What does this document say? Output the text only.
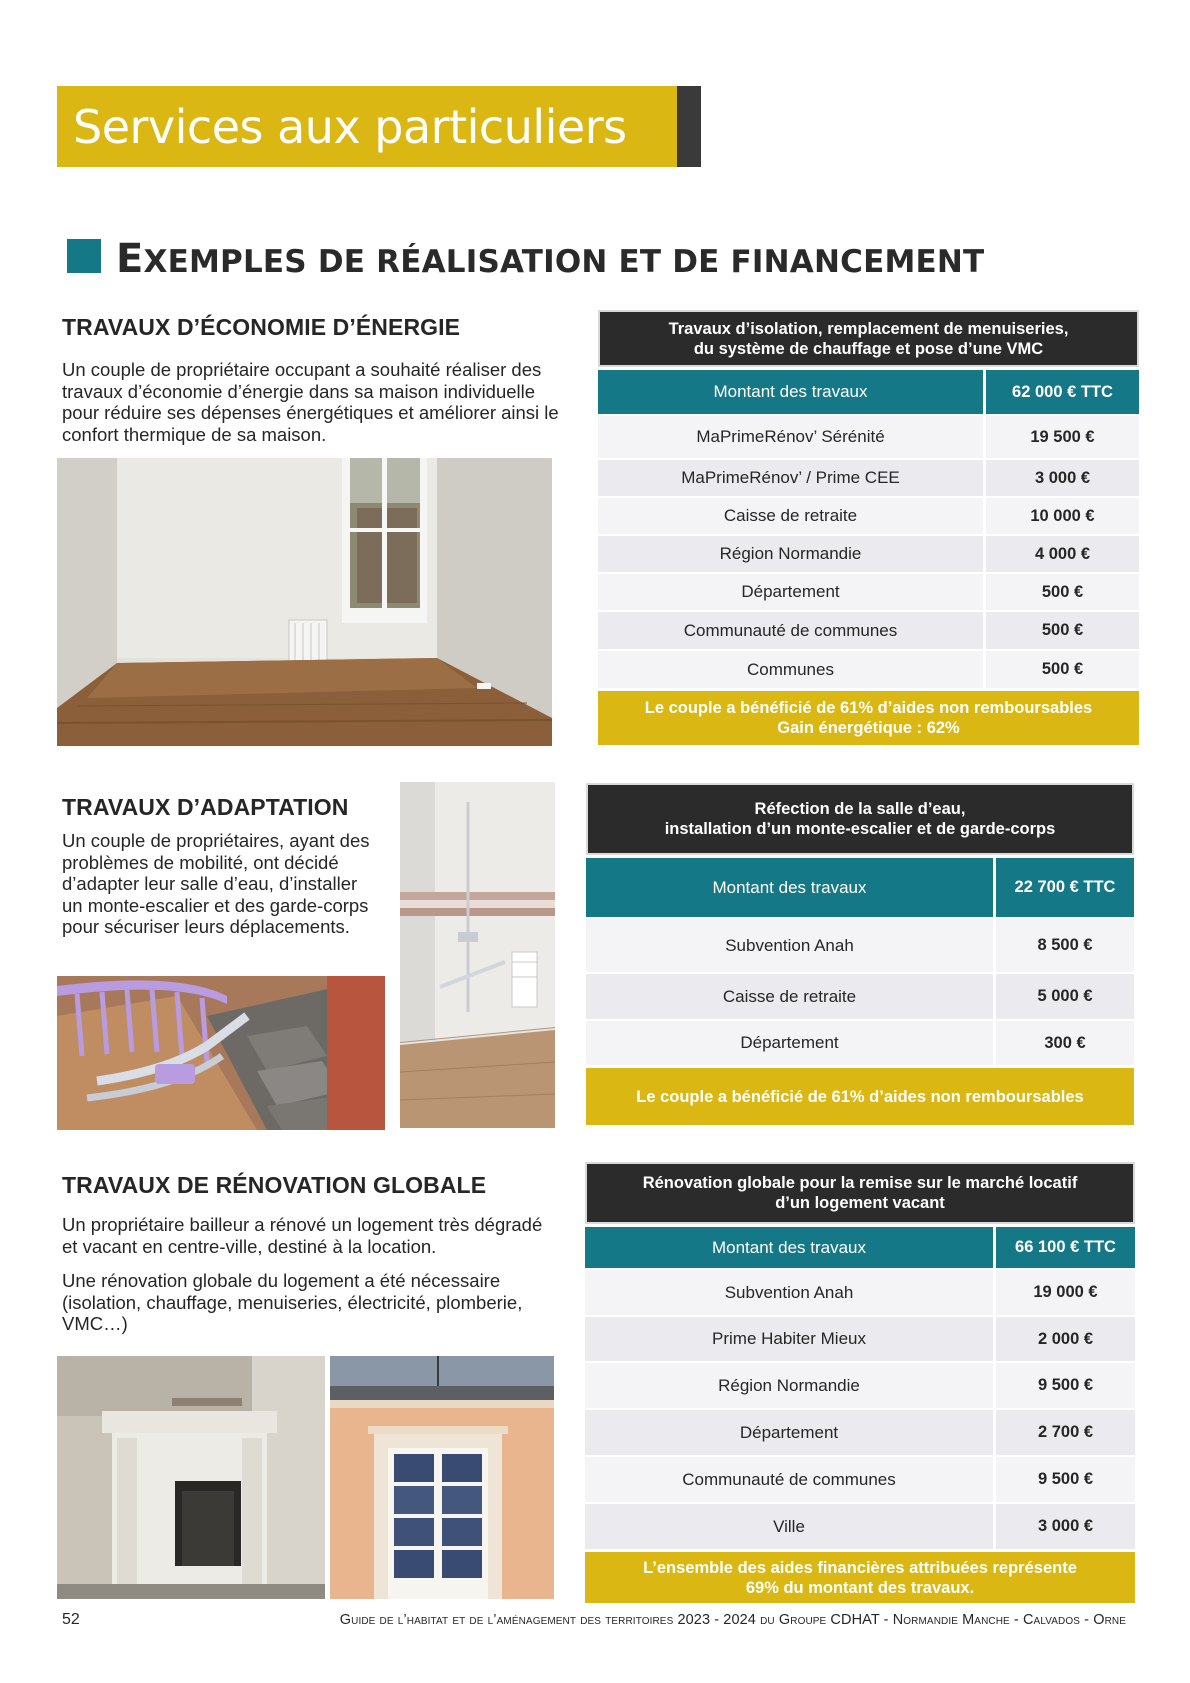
Services aux particuliers
EXEMPLES DE RÉALISATION ET DE FINANCEMENT
TRAVAUX D’ÉCONOMIE D’ÉNERGIE
Un couple de propriétaire occupant a souhaité réaliser des travaux d’économie d’énergie dans sa maison individuelle pour réduire ses dépenses énergétiques et améliorer ainsi le confort thermique de sa maison.
Travaux d’isolation, remplacement de menuiseries,
du système de chauffage et pose d’une VMC
Montant des travaux	62 000 € TTC
MaPrimeRénov’ Sérénité	19 500 €
MaPrimeRénov’ / Prime CEE	3 000 €
Caisse de retraite	10 000 €
Région Normandie	4 000 €
Département	500 €
Communauté de communes	500 €
Communes	500 €
Le couple a bénéficié de 61% d’aides non remboursables
Gain énergétique : 62%
TRAVAUX D’ADAPTATION
Un couple de propriétaires, ayant des problèmes de mobilité, ont décidé d’adapter leur salle d’eau, d’installer un monte-escalier et des garde-corps pour sécuriser leurs déplacements.
Réfection de la salle d’eau,
installation d’un monte-escalier et de garde-corps
Montant des travaux	22 700 € TTC
Subvention Anah	8 500 €
Caisse de retraite	5 000 €
Département	300 €
Le couple a bénéficié de 61% d’aides non remboursables
TRAVAUX DE RÉNOVATION GLOBALE
Un propriétaire bailleur a rénové un logement très dégradé et vacant en centre-ville, destiné à la location.
Une rénovation globale du logement a été nécessaire (isolation, chauffage, menuiseries, électricité, plomberie, VMC…)
Rénovation globale pour la remise sur le marché locatif
d’un logement vacant
Montant des travaux	66 100 € TTC
Subvention Anah	19 000 €
Prime Habiter Mieux	2 000 €
Région Normandie	9 500 €
Département	2 700 €
Communauté de communes	9 500 €
Ville	3 000 €
L’ensemble des aides financières attribuées représente
69% du montant des travaux.
52	Guide de l’habitat et de l’aménagement des territoires 2023 - 2024 du Groupe CDHAT - Normandie Manche - Calvados - Orne
